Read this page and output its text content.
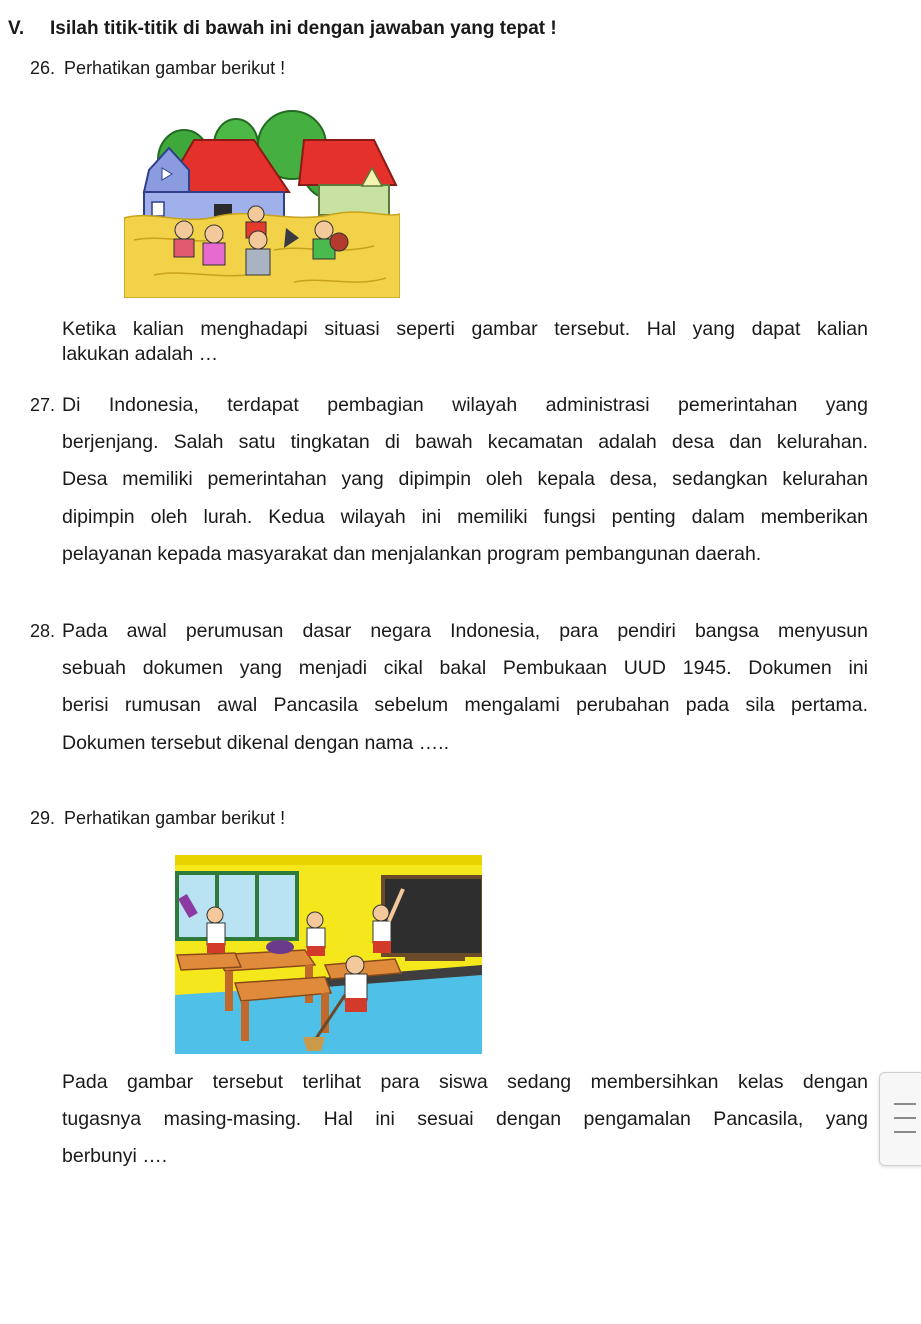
V. Isilah titik-titik di bawah ini dengan jawaban yang tepat !
26. Perhatikan gambar berikut !
Ketika kalian menghadapi situasi seperti gambar tersebut. Hal yang dapat kalian
lakukan adalah …
27. Di Indonesia, terdapat pembagian wilayah administrasi pemerintahan yang
berjenjang. Salah satu tingkatan di bawah kecamatan adalah desa dan kelurahan.
Desa memiliki pemerintahan yang dipimpin oleh kepala desa, sedangkan kelurahan
dipimpin oleh lurah. Kedua wilayah ini memiliki fungsi penting dalam memberikan
pelayanan kepada masyarakat dan menjalankan program pembangunan daerah.
28. Pada awal perumusan dasar negara Indonesia, para pendiri bangsa menyusun
sebuah dokumen yang menjadi cikal bakal Pembukaan UUD 1945. Dokumen ini
berisi rumusan awal Pancasila sebelum mengalami perubahan pada sila pertama.
Dokumen tersebut dikenal dengan nama …..
29. Perhatikan gambar berikut !
Pada gambar tersebut terlihat para siswa sedang membersihkan kelas dengan
tugasnya masing-masing. Hal ini sesuai dengan pengamalan Pancasila, yang
berbunyi ….
